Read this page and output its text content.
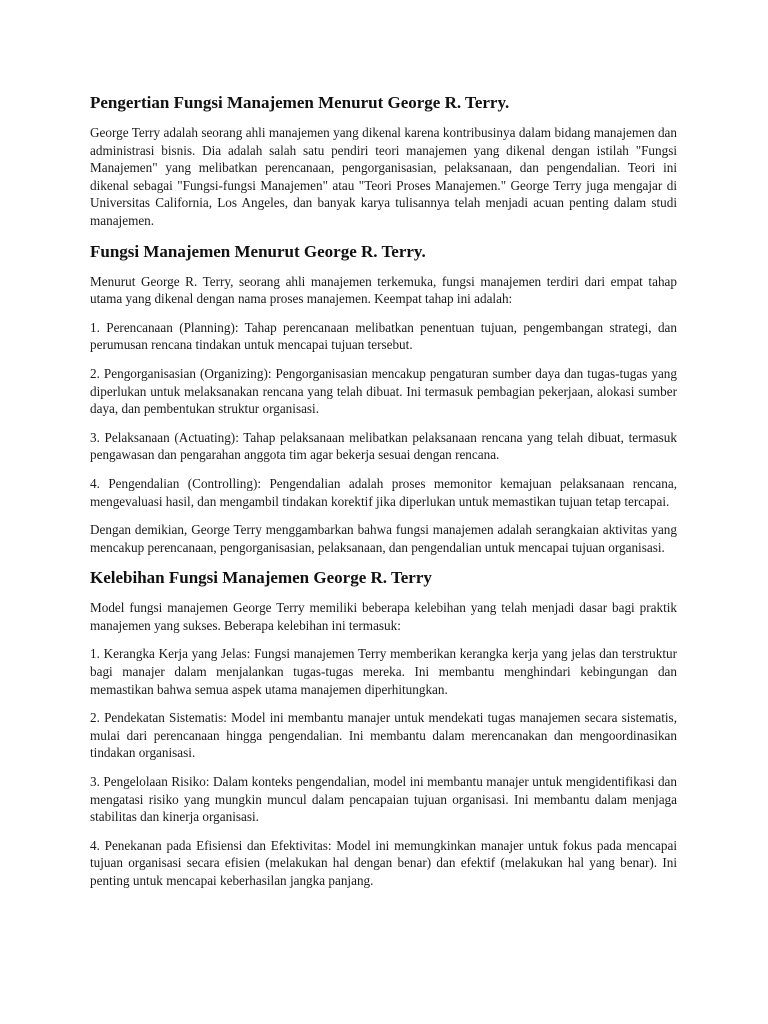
Pengertian Fungsi Manajemen Menurut George R. Terry.

George Terry adalah seorang ahli manajemen yang dikenal karena kontribusinya dalam bidang manajemen dan administrasi bisnis. Dia adalah salah satu pendiri teori manajemen yang dikenal dengan istilah "Fungsi Manajemen" yang melibatkan perencanaan, pengorganisasian, pelaksanaan, dan pengendalian. Teori ini dikenal sebagai "Fungsi-fungsi Manajemen" atau "Teori Proses Manajemen." George Terry juga mengajar di Universitas California, Los Angeles, dan banyak karya tulisannya telah menjadi acuan penting dalam studi manajemen.

Fungsi Manajemen Menurut George R. Terry.

Menurut George R. Terry, seorang ahli manajemen terkemuka, fungsi manajemen terdiri dari empat tahap utama yang dikenal dengan nama proses manajemen. Keempat tahap ini adalah:

1. Perencanaan (Planning): Tahap perencanaan melibatkan penentuan tujuan, pengembangan strategi, dan perumusan rencana tindakan untuk mencapai tujuan tersebut.

2. Pengorganisasian (Organizing): Pengorganisasian mencakup pengaturan sumber daya dan tugas-tugas yang diperlukan untuk melaksanakan rencana yang telah dibuat. Ini termasuk pembagian pekerjaan, alokasi sumber daya, dan pembentukan struktur organisasi.

3. Pelaksanaan (Actuating): Tahap pelaksanaan melibatkan pelaksanaan rencana yang telah dibuat, termasuk pengawasan dan pengarahan anggota tim agar bekerja sesuai dengan rencana.

4. Pengendalian (Controlling): Pengendalian adalah proses memonitor kemajuan pelaksanaan rencana, mengevaluasi hasil, dan mengambil tindakan korektif jika diperlukan untuk memastikan tujuan tetap tercapai.

Dengan demikian, George Terry menggambarkan bahwa fungsi manajemen adalah serangkaian aktivitas yang mencakup perencanaan, pengorganisasian, pelaksanaan, dan pengendalian untuk mencapai tujuan organisasi.

Kelebihan Fungsi Manajemen George R. Terry

Model fungsi manajemen George Terry memiliki beberapa kelebihan yang telah menjadi dasar bagi praktik manajemen yang sukses. Beberapa kelebihan ini termasuk:

1. Kerangka Kerja yang Jelas: Fungsi manajemen Terry memberikan kerangka kerja yang jelas dan terstruktur bagi manajer dalam menjalankan tugas-tugas mereka. Ini membantu menghindari kebingungan dan memastikan bahwa semua aspek utama manajemen diperhitungkan.

2. Pendekatan Sistematis: Model ini membantu manajer untuk mendekati tugas manajemen secara sistematis, mulai dari perencanaan hingga pengendalian. Ini membantu dalam merencanakan dan mengoordinasikan tindakan organisasi.

3. Pengelolaan Risiko: Dalam konteks pengendalian, model ini membantu manajer untuk mengidentifikasi dan mengatasi risiko yang mungkin muncul dalam pencapaian tujuan organisasi. Ini membantu dalam menjaga stabilitas dan kinerja organisasi.

4. Penekanan pada Efisiensi dan Efektivitas: Model ini memungkinkan manajer untuk fokus pada mencapai tujuan organisasi secara efisien (melakukan hal dengan benar) dan efektif (melakukan hal yang benar). Ini penting untuk mencapai keberhasilan jangka panjang.
